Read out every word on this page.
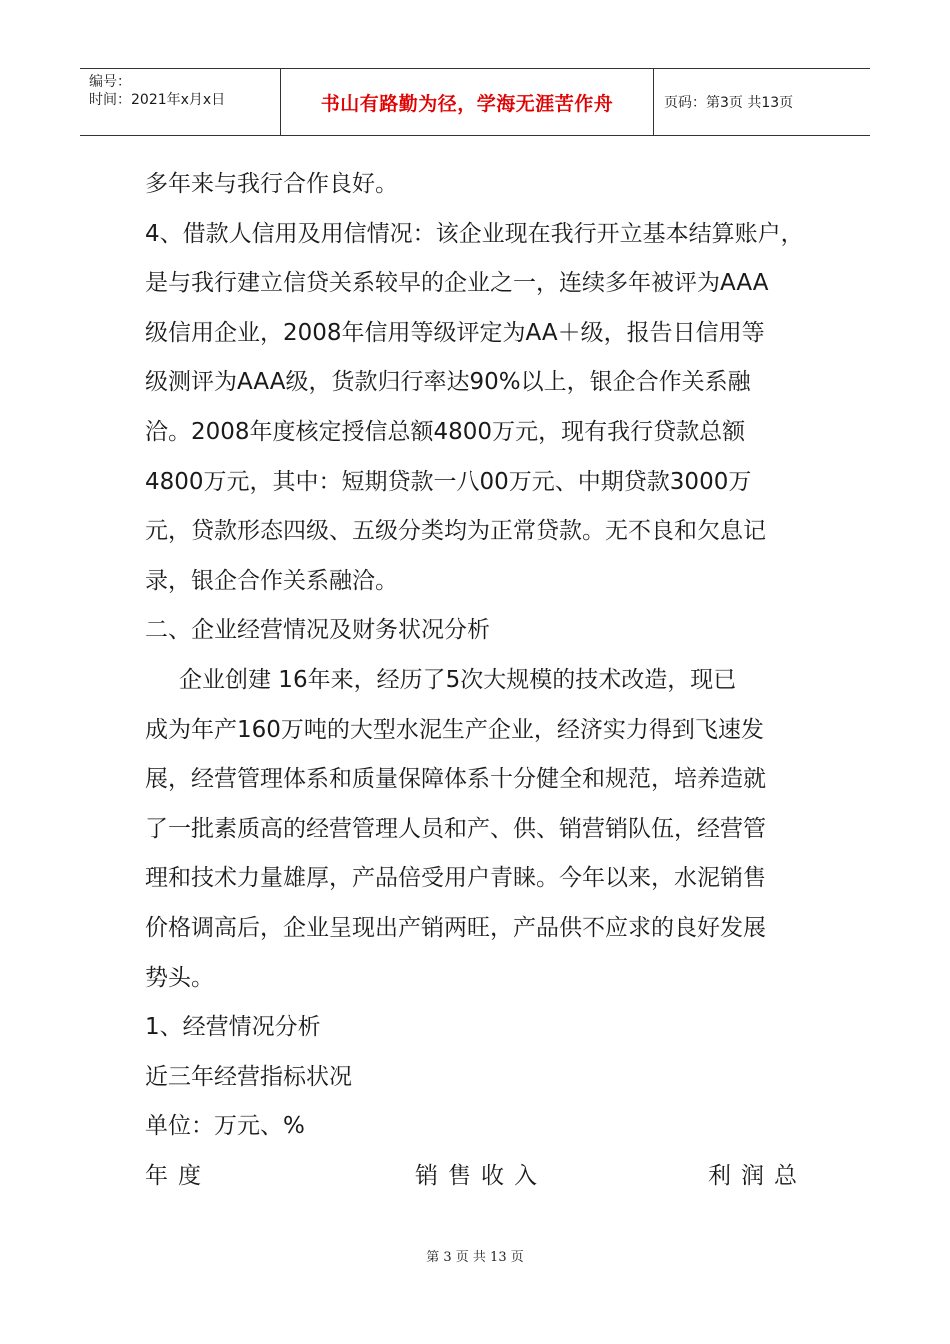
编号：
时间：2021年x月x日	书山有路勤为径，学海无涯苦作舟	页码：第3页 共13页
多年来与我行合作良好。
4、借款人信用及用信情况：该企业现在我行开立基本结算账户，
是与我行建立信贷关系较早的企业之一，连续多年被评为AAA
级信用企业，2008年信用等级评定为AA＋级，报告日信用等
级测评为AAA级，货款归行率达90%以上，银企合作关系融
洽。2008年度核定授信总额4800万元，现有我行贷款总额
4800万元，其中：短期贷款一八00万元、中期贷款3000万
元，贷款形态四级、五级分类均为正常贷款。无不良和欠息记
录，银企合作关系融洽。
二、企业经营情况及财务状况分析
企业创建 16年来，经历了5次大规模的技术改造，现已
成为年产160万吨的大型水泥生产企业，经济实力得到飞速发
展，经营管理体系和质量保障体系十分健全和规范，培养造就
了一批素质高的经营管理人员和产、供、销营销队伍，经营管
理和技术力量雄厚，产品倍受用户青睐。今年以来，水泥销售
价格调高后，企业呈现出产销两旺，产品供不应求的良好发展
势头。
1、经营情况分析
近三年经营指标状况
单位：万元、%
年度	销售收入	利润总
第 3 页 共 13 页
